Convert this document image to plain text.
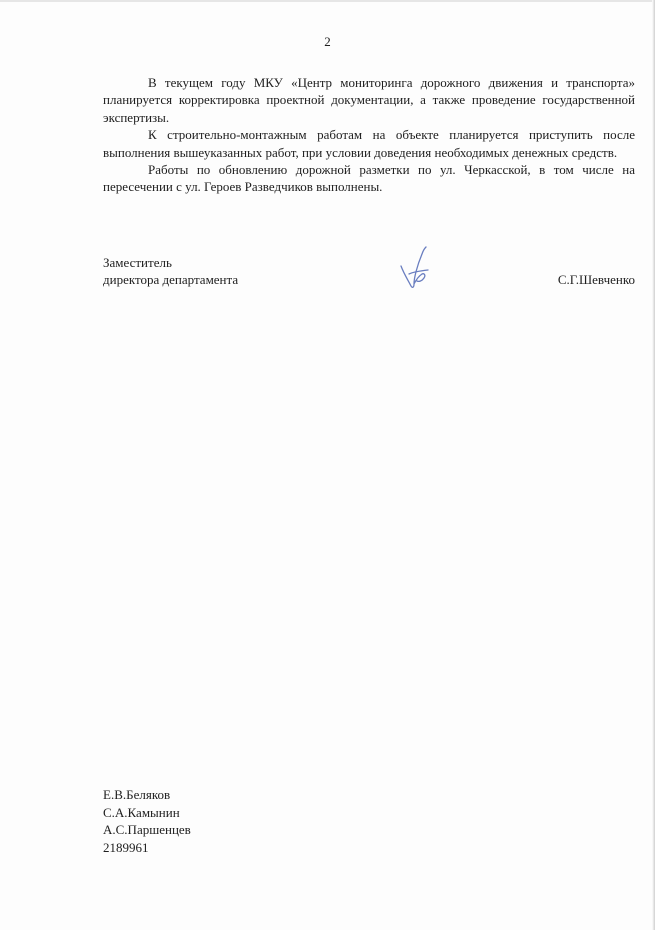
2

В текущем году МКУ «Центр мониторинга дорожного движения и транспорта» планируется корректировка проектной документации, а также проведение государственной экспертизы.

К строительно-монтажным работам на объекте планируется приступить после выполнения вышеуказанных работ, при условии доведения необходимых денежных средств.

Работы по обновлению дорожной разметки по ул. Черкасской, в том числе на пересечении с ул. Героев Разведчиков выполнены.

Заместитель
директора департамента	С.Г.Шевченко
Е.В.Беляков
С.А.Камынин
А.С.Паршенцев
2189961
